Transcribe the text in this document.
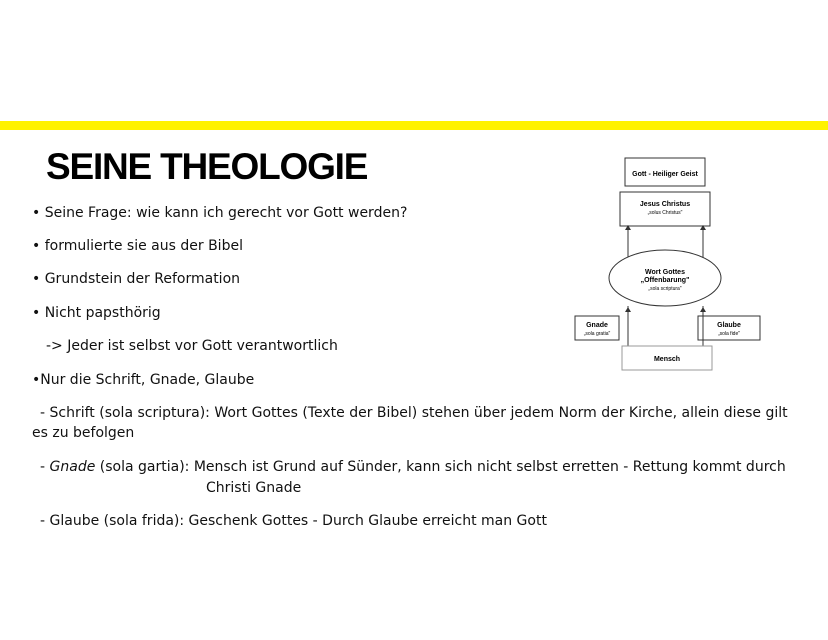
SEINE THEOLOGIE
• Seine Frage: wie kann ich gerecht vor Gott werden?
• formulierte sie aus der Bibel
• Grundstein der Reformation
• Nicht papsthörig
-> Jeder ist selbst vor Gott verantwortlich
•Nur die Schrift, Gnade, Glaube
- Schrift (sola scriptura): Wort Gottes (Texte der Bibel) stehen über jedem Norm der Kirche, allein diese gilt es zu befolgen
- Gnade (sola gartia): Mensch ist Grund auf Sünder, kann sich nicht selbst erretten - Rettung kommt durch
Christi Gnade
- Glaube (sola frida): Geschenk Gottes - Durch Glaube erreicht man Gott
Gott - Heiliger Geist
Jesus Christus
„solus Christus"
Wort Gottes
„Offenbarung"
„sola scriptura"
Gnade
„sola gratia"
Glaube
„sola fide"
Mensch
